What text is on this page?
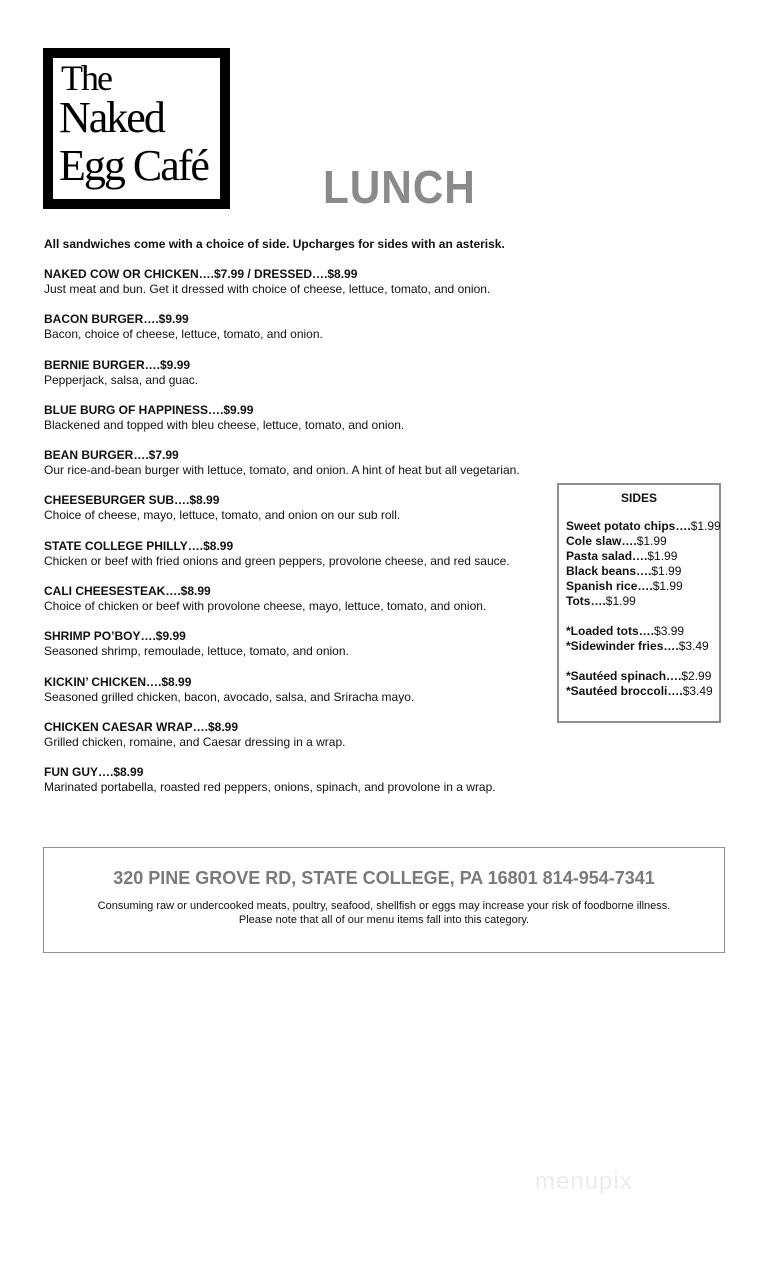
The
Naked
Egg Café	LUNCH
All sandwiches come with a choice of side. Upcharges for sides with an asterisk.
NAKED COW OR CHICKEN….$7.99 / DRESSED….$8.99
Just meat and bun. Get it dressed with choice of cheese, lettuce, tomato, and onion.
BACON BURGER….$9.99
Bacon, choice of cheese, lettuce, tomato, and onion.
BERNIE BURGER….$9.99
Pepperjack, salsa, and guac.
BLUE BURG OF HAPPINESS….$9.99
Blackened and topped with bleu cheese, lettuce, tomato, and onion.
BEAN BURGER….$7.99
Our rice-and-bean burger with lettuce, tomato, and onion. A hint of heat but all vegetarian.
CHEESEBURGER SUB….$8.99
Choice of cheese, mayo, lettuce, tomato, and onion on our sub roll.
STATE COLLEGE PHILLY….$8.99
Chicken or beef with fried onions and green peppers, provolone cheese, and red sauce.
CALI CHEESESTEAK….$8.99
Choice of chicken or beef with provolone cheese, mayo, lettuce, tomato, and onion.
SHRIMP PO’BOY….$9.99
Seasoned shrimp, remoulade, lettuce, tomato, and onion.
KICKIN’ CHICKEN….$8.99
Seasoned grilled chicken, bacon, avocado, salsa, and Sriracha mayo.
CHICKEN CAESAR WRAP….$8.99
Grilled chicken, romaine, and Caesar dressing in a wrap.
FUN GUY….$8.99
Marinated portabella, roasted red peppers, onions, spinach, and provolone in a wrap.
SIDES
Sweet potato chips….$1.99
Cole slaw….$1.99
Pasta salad….$1.99
Black beans….$1.99
Spanish rice….$1.99
Tots….$1.99
*Loaded tots….$3.99
*Sidewinder fries….$3.49
*Sautéed spinach….$2.99
*Sautéed broccoli….$3.49
320 PINE GROVE RD, STATE COLLEGE, PA 16801 814-954-7341
Consuming raw or undercooked meats, poultry, seafood, shellfish or eggs may increase your risk of foodborne illness.
Please note that all of our menu items fall into this category.
menupix
